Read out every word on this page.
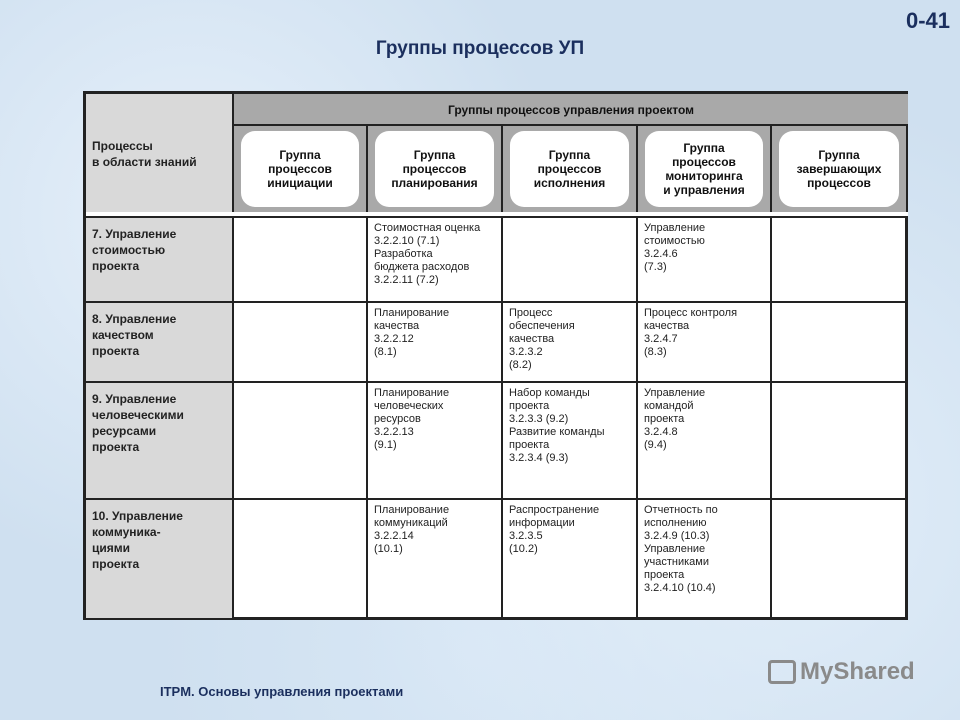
0-41
Группы процессов УП
Процессы
в области знаний
Группы процессов управления проектом
Группа
процессов
инициации
Группа
процессов
планирования
Группа
процессов
исполнения
Группа
процессов
мониторинга
и управления
Группа
завершающих
процессов
7. Управление
стоимостью
проекта
Стоимостная оценка
3.2.2.10 (7.1)
Разработка
бюджета расходов
3.2.2.11 (7.2)
Управление
стоимостью
3.2.4.6
(7.3)
8. Управление
качеством
проекта
Планирование
качества
3.2.2.12
(8.1)
Процесс
обеспечения
качества
3.2.3.2
(8.2)
Процесс контроля
качества
3.2.4.7
(8.3)
9. Управление
человеческими
ресурсами
проекта
Планирование
человеческих
ресурсов
3.2.2.13
(9.1)
Набор команды
проекта
3.2.3.3 (9.2)
Развитие команды
проекта
3.2.3.4 (9.3)
Управление
командой
проекта
3.2.4.8
(9.4)
10. Управление
коммуника-
циями
проекта
Планирование
коммуникаций
3.2.2.14
(10.1)
Распространение
информации
3.2.3.5
(10.2)
Отчетность по
исполнению
3.2.4.9 (10.3)
Управление
участниками
проекта
3.2.4.10 (10.4)
ITPM. Основы управления проектами
MyShared
